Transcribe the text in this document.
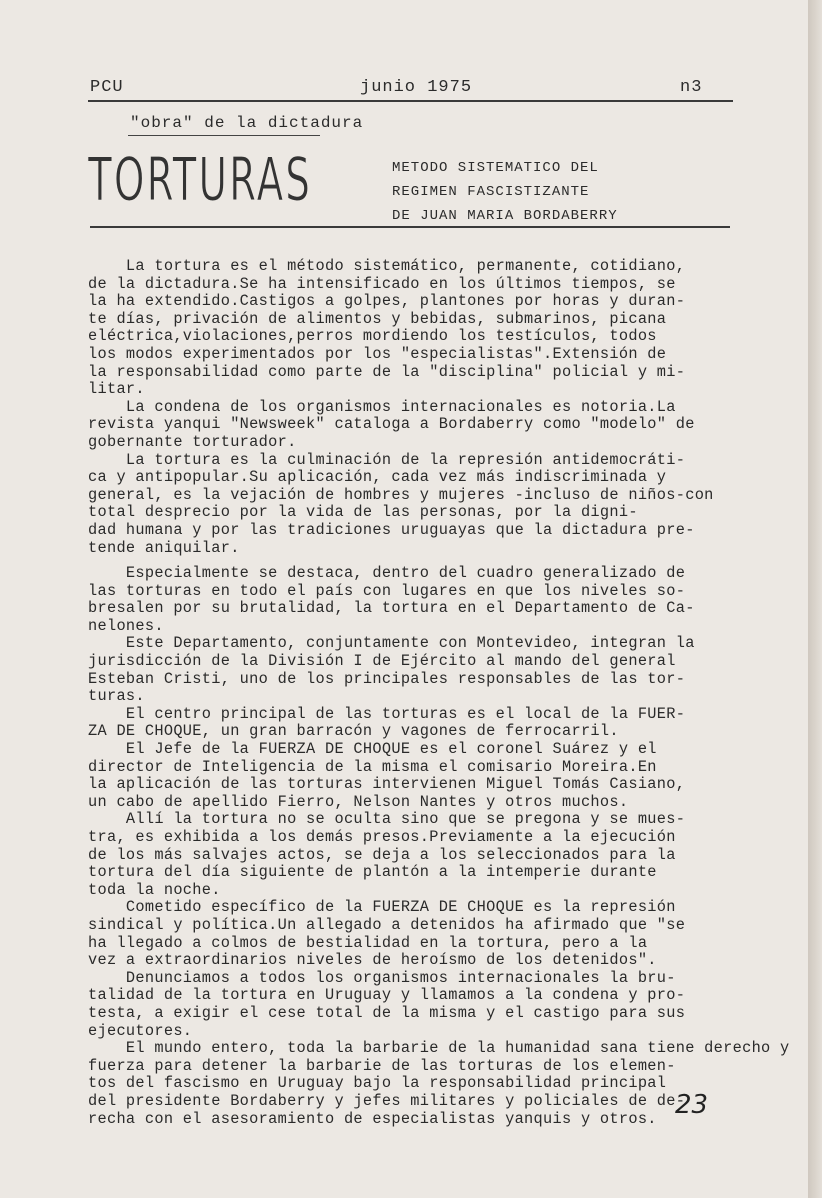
PCU	junio 1975	n3
"obra" de la dictadura
TORTURAS	METODO SISTEMATICO DEL
REGIMEN FASCISTIZANTE
DE JUAN MARIA BORDABERRY

La tortura es el método sistemático, permanente, cotidiano,

de la dictadura.Se ha intensificado en los últimos tiempos, se

la ha extendido.Castigos a golpes, plantones por horas y duran-

te días, privación de alimentos y bebidas, submarinos, picana

eléctrica,violaciones,perros mordiendo los testículos, todos

los modos experimentados por los "especialistas".Extensión de

la responsabilidad como parte de la "disciplina" policial y mi-

litar.

La condena de los organismos internacionales es notoria.La

revista yanqui "Newsweek" cataloga a Bordaberry como "modelo" de

gobernante torturador.

La tortura es la culminación de la represión antidemocráti-

ca y antipopular.Su aplicación, cada vez más indiscriminada y

general, es la vejación de hombres y mujeres -incluso de niños-con

total desprecio por la vida de las personas, por la digni-

dad humana y por las tradiciones uruguayas que la dictadura pre-

tende aniquilar.

Especialmente se destaca, dentro del cuadro generalizado de

las torturas en todo el país con lugares en que los niveles so-

bresalen por su brutalidad, la tortura en el Departamento de Ca-

nelones.

Este Departamento, conjuntamente con Montevideo, integran la

jurisdicción de la División I de Ejército al mando del general

Esteban Cristi, uno de los principales responsables de las tor-

turas.

El centro principal de las torturas es el local de la FUER-

ZA DE CHOQUE, un gran barracón y vagones de ferrocarril.

El Jefe de la FUERZA DE CHOQUE es el coronel Suárez y el

director de Inteligencia de la misma el comisario Moreira.En

la aplicación de las torturas intervienen Miguel Tomás Casiano,

un cabo de apellido Fierro, Nelson Nantes y otros muchos.

Allí la tortura no se oculta sino que se pregona y se mues-

tra, es exhibida a los demás presos.Previamente a la ejecución

de los más salvajes actos, se deja a los seleccionados para la

tortura del día siguiente de plantón a la intemperie durante

toda la noche.

Cometido específico de la FUERZA DE CHOQUE es la represión

sindical y política.Un allegado a detenidos ha afirmado que "se

ha llegado a colmos de bestialidad en la tortura, pero a la

vez a extraordinarios niveles de heroísmo de los detenidos".

Denunciamos a todos los organismos internacionales la bru-

talidad de la tortura en Uruguay y llamamos a la condena y pro-

testa, a exigir el cese total de la misma y el castigo para sus

ejecutores.

El mundo entero, toda la barbarie de la humanidad sana tiene derecho y

fuerza para detener la barbarie de las torturas de los elemen-

tos del fascismo en Uruguay bajo la responsabilidad principal

del presidente Bordaberry y jefes militares y policiales de de-

recha con el asesoramiento de especialistas yanquis y otros. 23
